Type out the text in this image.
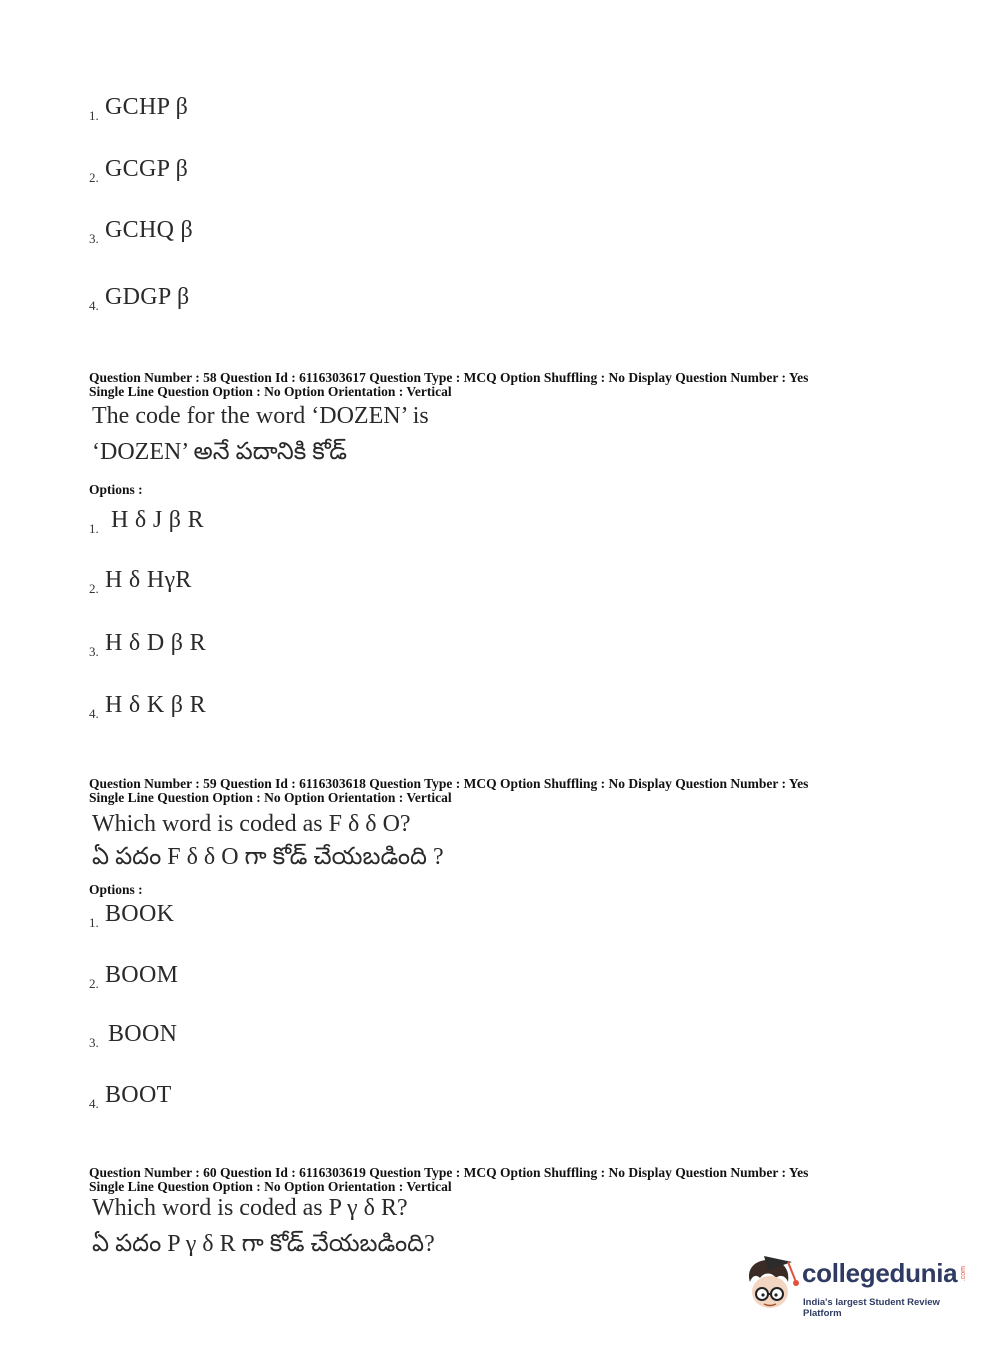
1. GCHP β
2. GCGP β
3. GCHQ β
4. GDGP β
Question Number : 58 Question Id : 6116303617 Question Type : MCQ Option Shuffling : No Display Question Number : Yes
Single Line Question Option : No Option Orientation : Vertical
The code for the word ‘DOZEN’ is
‘DOZEN’ అనే పదానికి కోడ్
Options :
1. H δ J β R
2. H δ HγR
3. H δ D β R
4. H δ K β R
Question Number : 59 Question Id : 6116303618 Question Type : MCQ Option Shuffling : No Display Question Number : Yes
Single Line Question Option : No Option Orientation : Vertical
Which word is coded as F δ δ O?
ఏ పదం F δ δ O గా కోడ్ చేయబడింది ?
Options :
1. BOOK
2. BOOM
3. BOON
4. BOOT
Question Number : 60 Question Id : 6116303619 Question Type : MCQ Option Shuffling : No Display Question Number : Yes
Single Line Question Option : No Option Orientation : Vertical
Which word is coded as P γ δ R?
ఏ పదం P γ δ R గా కోడ్ చేయబడింది?
collegedunia .com
India's largest Student Review Platform
